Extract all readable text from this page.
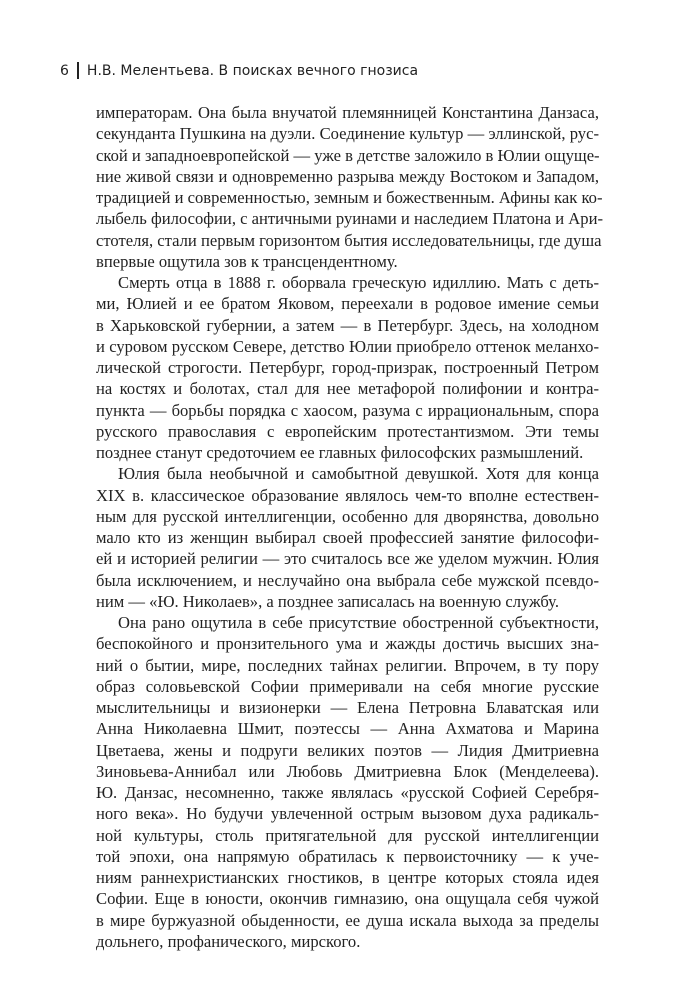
6 Н.В. Мелентьева. В поисках вечного гнозиса
императорам. Она была внучатой племянницей Константина Данзаса,
секунданта Пушкина на дуэли. Соединение культур — эллинской, рус-
ской и западноевропейской — уже в детстве заложило в Юлии ощуще-
ние живой связи и одновременно разрыва между Востоком и Западом,
традицией и современностью, земным и божественным. Афины как ко-
лыбель философии, с античными руинами и наследием Платона и Ари-
стотеля, стали первым горизонтом бытия исследовательницы, где душа
впервые ощутила зов к трансцендентному.
Смерть отца в 1888 г. оборвала греческую идиллию. Мать с деть-
ми, Юлией и ее братом Яковом, переехали в родовое имение семьи
в Харьковской губернии, а затем — в Петербург. Здесь, на холодном
и суровом русском Севере, детство Юлии приобрело оттенок меланхо-
лической строгости. Петербург, город-призрак, построенный Петром
на костях и болотах, стал для нее метафорой полифонии и контра-
пункта — борьбы порядка с хаосом, разума с иррациональным, спора
русского православия с европейским протестантизмом. Эти темы
позднее станут средоточием ее главных философских размышлений.
Юлия была необычной и самобытной девушкой. Хотя для конца
XIX в. классическое образование являлось чем-то вполне естествен-
ным для русской интеллигенции, особенно для дворянства, довольно
мало кто из женщин выбирал своей профессией занятие философи-
ей и историей религии — это считалось все же уделом мужчин. Юлия
была исключением, и неслучайно она выбрала себе мужской псевдо-
ним — «Ю. Николаев», а позднее записалась на военную службу.
Она рано ощутила в себе присутствие обостренной субъектности,
беспокойного и пронзительного ума и жажды достичь высших зна-
ний о бытии, мире, последних тайнах религии. Впрочем, в ту пору
образ соловьевской Софии примеривали на себя многие русские
мыслительницы и визионерки — Елена Петровна Блаватская или
Анна Николаевна Шмит, поэтессы — Анна Ахматова и Марина
Цветаева, жены и подруги великих поэтов — Лидия Дмитриевна
Зиновьева-Аннибал или Любовь Дмитриевна Блок (Менделеева).
Ю. Данзас, несомненно, также являлась «русской Софией Серебря-
ного века». Но будучи увлеченной острым вызовом духа радикаль-
ной культуры, столь притягательной для русской интеллигенции
той эпохи, она напрямую обратилась к первоисточнику — к уче-
ниям раннехристианских гностиков, в центре которых стояла идея
Софии. Еще в юности, окончив гимназию, она ощущала себя чужой
в мире буржуазной обыденности, ее душа искала выхода за пределы
дольнего, профанического, мирского.
